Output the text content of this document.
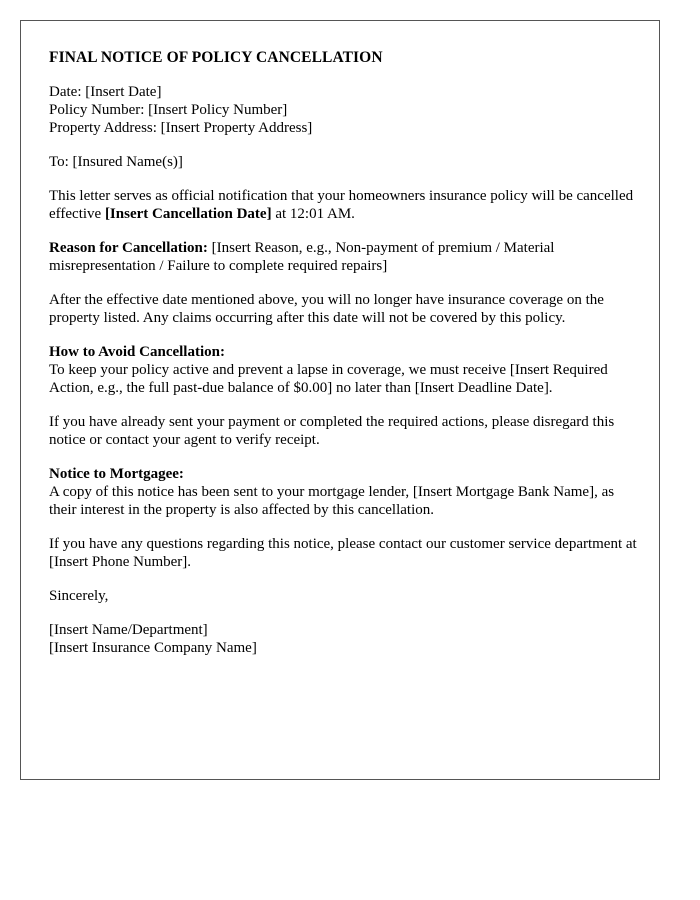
FINAL NOTICE OF POLICY CANCELLATION

Date: [Insert Date]
Policy Number: [Insert Policy Number]
Property Address: [Insert Property Address]

To: [Insured Name(s)]

This letter serves as official notification that your homeowners insurance policy will be cancelled effective [Insert Cancellation Date] at 12:01 AM.

Reason for Cancellation: [Insert Reason, e.g., Non-payment of premium / Material misrepresentation / Failure to complete required repairs]

After the effective date mentioned above, you will no longer have insurance coverage on the property listed. Any claims occurring after this date will not be covered by this policy.

How to Avoid Cancellation:
To keep your policy active and prevent a lapse in coverage, we must receive [Insert Required Action, e.g., the full past-due balance of $0.00] no later than [Insert Deadline Date].

If you have already sent your payment or completed the required actions, please disregard this notice or contact your agent to verify receipt.

Notice to Mortgagee:
A copy of this notice has been sent to your mortgage lender, [Insert Mortgage Bank Name], as their interest in the property is also affected by this cancellation.

If you have any questions regarding this notice, please contact our customer service department at [Insert Phone Number].

Sincerely,

[Insert Name/Department]
[Insert Insurance Company Name]
